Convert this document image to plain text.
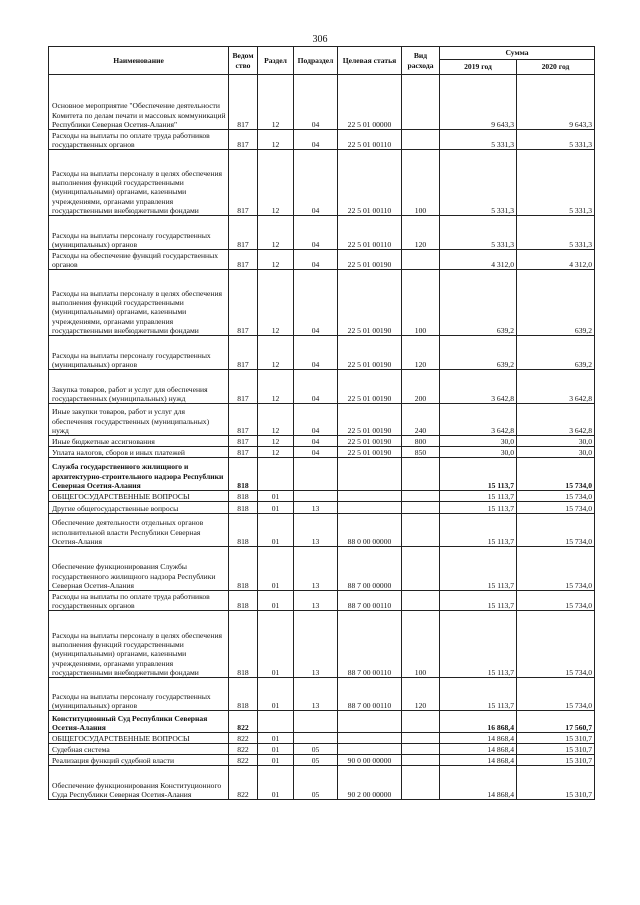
306
Наименование	Ведом ство	Раздел	Подраздел	Целевая статья	Вид расхода	Сумма	
						2019 год	2020 год
Основное мероприятие "Обеспечение деятельности Комитета по делам печати и массовых коммуникаций Республики Северная Осетия-Алания"	817	12	04	22 5 01 00000		9 643,3	9 643,3
Расходы на выплаты по оплате труда работников государственных органов	817	12	04	22 5 01 00110		5 331,3	5 331,3
Расходы на выплаты персоналу в целях обеспечения выполнения функций государственными (муниципальными) органами, казенными учреждениями, органами управления государственными внебюджетными фондами	817	12	04	22 5 01 00110	100	5 331,3	5 331,3
Расходы на выплаты персоналу государственных (муниципальных) органов	817	12	04	22 5 01 00110	120	5 331,3	5 331,3
Расходы на обеспечение функций государственных органов	817	12	04	22 5 01 00190		4 312,0	4 312,0
Расходы на выплаты персоналу в целях обеспечения выполнения функций государственными (муниципальными) органами, казенными учреждениями, органами управления государственными внебюджетными фондами	817	12	04	22 5 01 00190	100	639,2	639,2
Расходы на выплаты персоналу государственных (муниципальных) органов	817	12	04	22 5 01 00190	120	639,2	639,2
Закупка товаров, работ и услуг для обеспечения государственных (муниципальных) нужд	817	12	04	22 5 01 00190	200	3 642,8	3 642,8
Иные закупки товаров, работ и услуг для обеспечения государственных (муниципальных) нужд	817	12	04	22 5 01 00190	240	3 642,8	3 642,8
Иные бюджетные ассигнования	817	12	04	22 5 01 00190	800	30,0	30,0
Уплата налогов, сборов и иных платежей	817	12	04	22 5 01 00190	850	30,0	30,0
Служба государственного жилищного и архитектурно-строительного надзора Республики Северная Осетия-Алания	818					15 113,7	15 734,0
ОБЩЕГОСУДАРСТВЕННЫЕ ВОПРОСЫ	818	01				15 113,7	15 734,0
Другие общегосударственные вопросы	818	01	13			15 113,7	15 734,0
Обеспечение деятельности отдельных органов исполнительной власти Республики Северная Осетия-Алания	818	01	13	88 0 00 00000		15 113,7	15 734,0
Обеспечение функционирования Службы государственного жилищного надзора Республики Северная Осетия-Алания	818	01	13	88 7 00 00000		15 113,7	15 734,0
Расходы на выплаты по оплате труда работников государственных органов	818	01	13	88 7 00 00110		15 113,7	15 734,0
Расходы на выплаты персоналу в целях обеспечения выполнения функций государственными (муниципальными) органами, казенными учреждениями, органами управления государственными внебюджетными фондами	818	01	13	88 7 00 00110	100	15 113,7	15 734,0
Расходы на выплаты персоналу государственных (муниципальных) органов	818	01	13	88 7 00 00110	120	15 113,7	15 734,0
Конституционный Суд Республики Северная Осетия-Алания	822					16 868,4	17 560,7
ОБЩЕГОСУДАРСТВЕННЫЕ ВОПРОСЫ	822	01				14 868,4	15 310,7
Судебная система	822	01	05			14 868,4	15 310,7
Реализация функций судебной власти	822	01	05	90 0 00 00000		14 868,4	15 310,7
Обеспечение функционирования Конституционного Суда Республики Северная Осетия-Алания	822	01	05	90 2 00 00000		14 868,4	15 310,7
